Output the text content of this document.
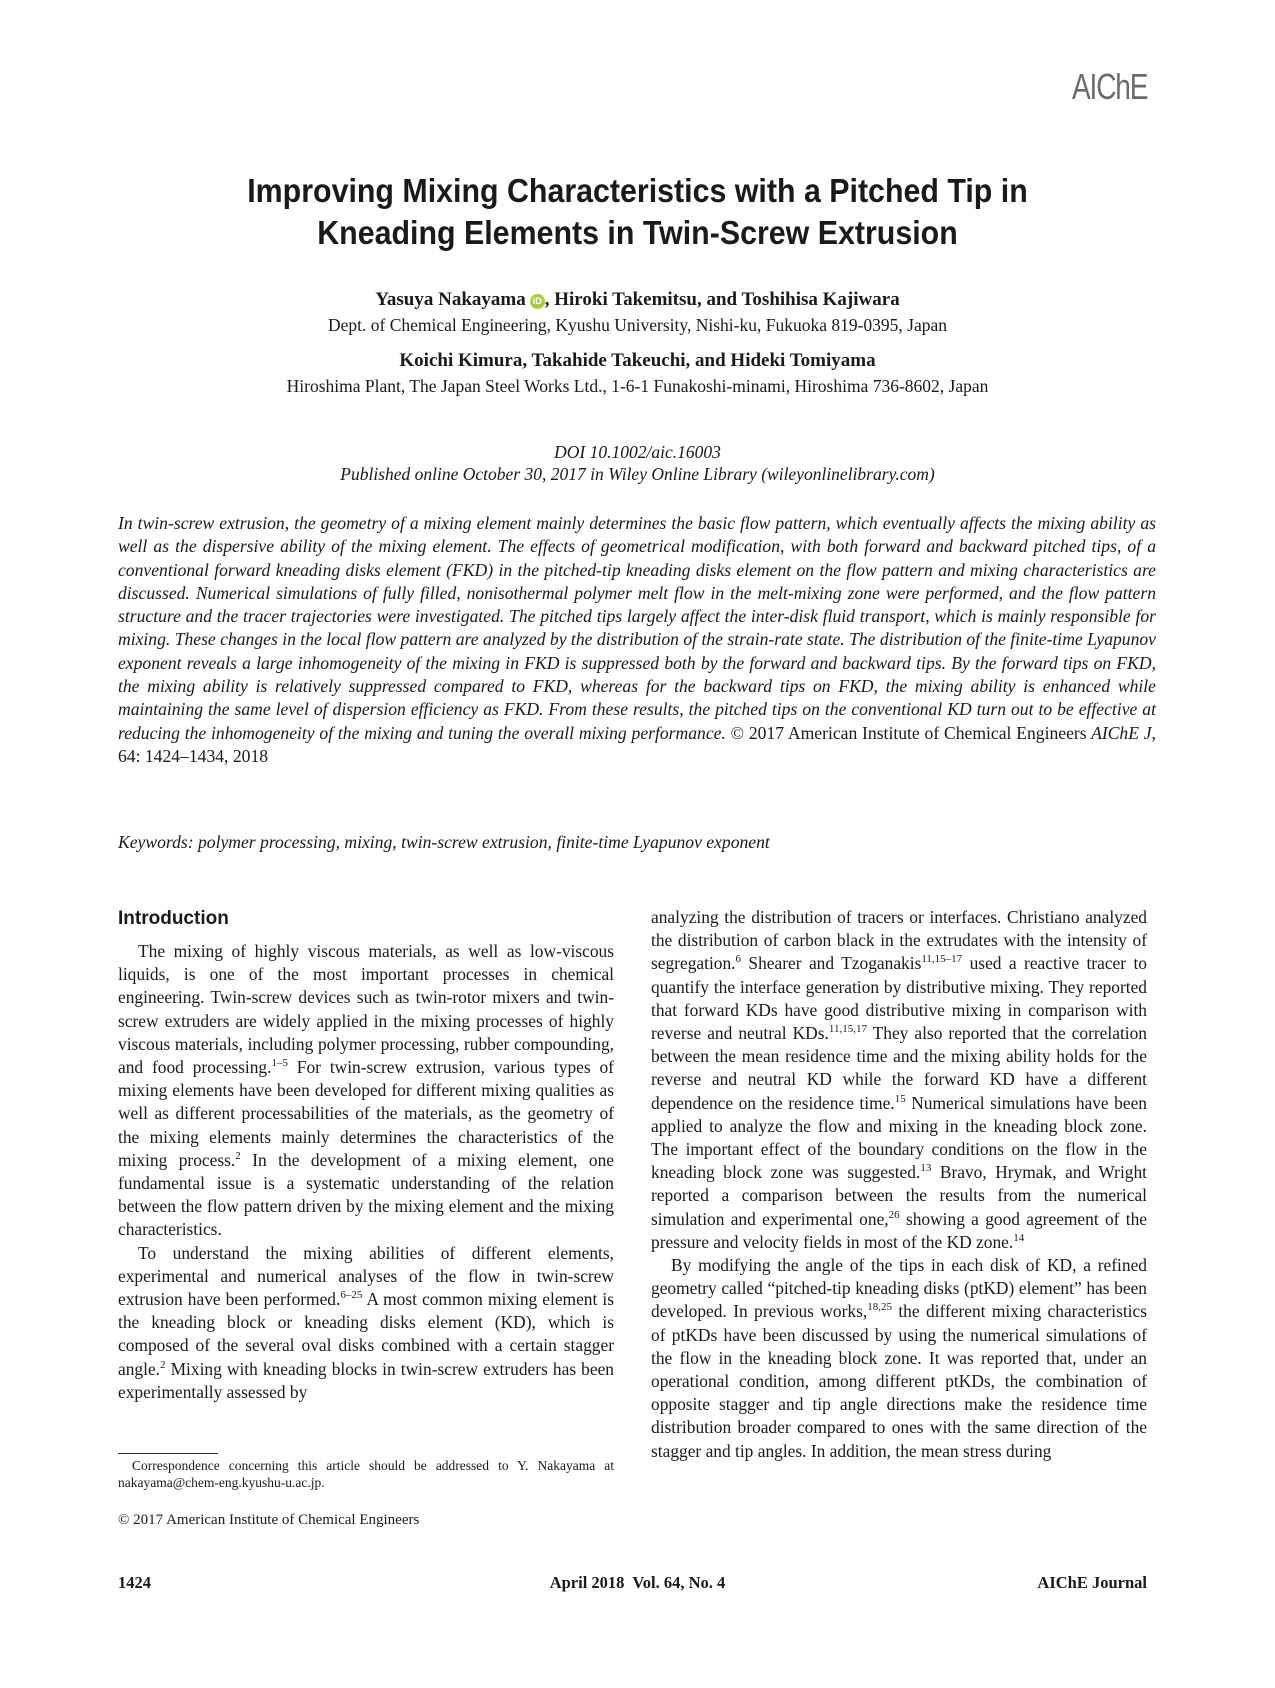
AIChE
Improving Mixing Characteristics with a Pitched Tip in
Kneading Elements in Twin-Screw Extrusion
Yasuya Nakayama iD , Hiroki Takemitsu, and Toshihisa Kajiwara
Dept. of Chemical Engineering, Kyushu University, Nishi-ku, Fukuoka 819-0395, Japan
Koichi Kimura, Takahide Takeuchi, and Hideki Tomiyama
Hiroshima Plant, The Japan Steel Works Ltd., 1-6-1 Funakoshi-minami, Hiroshima 736-8602, Japan
DOI 10.1002/aic.16003
Published online October 30, 2017 in Wiley Online Library (wileyonlinelibrary.com)
In twin-screw extrusion, the geometry of a mixing element mainly determines the basic flow pattern, which eventually affects the mixing ability as well as the dispersive ability of the mixing element. The effects of geometrical modification, with both forward and backward pitched tips, of a conventional forward kneading disks element (FKD) in the pitched-tip kneading disks element on the flow pattern and mixing characteristics are discussed. Numerical simulations of fully filled, nonisothermal polymer melt flow in the melt-mixing zone were performed, and the flow pattern structure and the tracer trajectories were investigated. The pitched tips largely affect the inter-disk fluid transport, which is mainly responsible for mixing. These changes in the local flow pattern are analyzed by the distribution of the strain-rate state. The distribution of the finite-time Lyapunov exponent reveals a large inhomogeneity of the mixing in FKD is suppressed both by the forward and backward tips. By the forward tips on FKD, the mixing ability is relatively suppressed compared to FKD, whereas for the backward tips on FKD, the mixing ability is enhanced while maintaining the same level of dispersion efficiency as FKD. From these results, the pitched tips on the conventional KD turn out to be effective at reducing the inhomogeneity of the mixing and tuning the overall mixing performance. © 2017 American Institute of Chemical Engineers AIChE J, 64: 1424–1434, 2018
Keywords: polymer processing, mixing, twin-screw extrusion, finite-time Lyapunov exponent
Introduction

The mixing of highly viscous materials, as well as low-viscous liquids, is one of the most important processes in chemical engineering. Twin-screw devices such as twin-rotor mixers and twin-screw extruders are widely applied in the mixing processes of highly viscous materials, including polymer processing, rubber compounding, and food processing.$^{1-5}$ For twin-screw extrusion, various types of mixing elements have been developed for different mixing qualities as well as different processabilities of the materials, as the geometry of the mixing elements mainly determines the characteristics of the mixing process.$^2$ In the development of a mixing element, one fundamental issue is a systematic understanding of the relation between the flow pattern driven by the mixing element and the mixing characteristics.

To understand the mixing abilities of different elements, experimental and numerical analyses of the flow in twin-screw extrusion have been performed.$^{6-25}$ A most common mixing element is the kneading block or kneading disks element (KD), which is composed of the several oval disks combined with a certain stagger angle.$^2$ Mixing with kneading blocks in twin-screw extruders has been experimentally assessed by

analyzing the distribution of tracers or interfaces. Christiano analyzed the distribution of carbon black in the extrudates with the intensity of segregation.$^6$ Shearer and Tzoganakis$^{11,15-17}$ used a reactive tracer to quantify the interface generation by distributive mixing. They reported that forward KDs have good distributive mixing in comparison with reverse and neutral KDs.$^{11,15,17}$ They also reported that the correlation between the mean residence time and the mixing ability holds for the reverse and neutral KD while the forward KD have a different dependence on the residence time.$^{15}$ Numerical simulations have been applied to analyze the flow and mixing in the kneading block zone. The important effect of the boundary conditions on the flow in the kneading block zone was suggested.$^{13}$ Bravo, Hrymak, and Wright reported a comparison between the results from the numerical simulation and experimental one,$^{26}$ showing a good agreement of the pressure and velocity fields in most of the KD zone.$^{14}$

By modifying the angle of the tips in each disk of KD, a refined geometry called “pitched-tip kneading disks (ptKD) element” has been developed. In previous works,$^{18,25}$ the different mixing characteristics of ptKDs have been discussed by using the numerical simulations of the flow in the kneading block zone. It was reported that, under an operational condition, among different ptKDs, the combination of opposite stagger and tip angle directions make the residence time distribution broader compared to ones with the same direction of the stagger and tip angles. In addition, the mean stress during

Correspondence concerning this article should be addressed to Y. Nakayama at nakayama@chem-eng.kyushu-u.ac.jp.
© 2017 American Institute of Chemical Engineers
1424	April 2018  Vol. 64, No. 4	AIChE Journal
